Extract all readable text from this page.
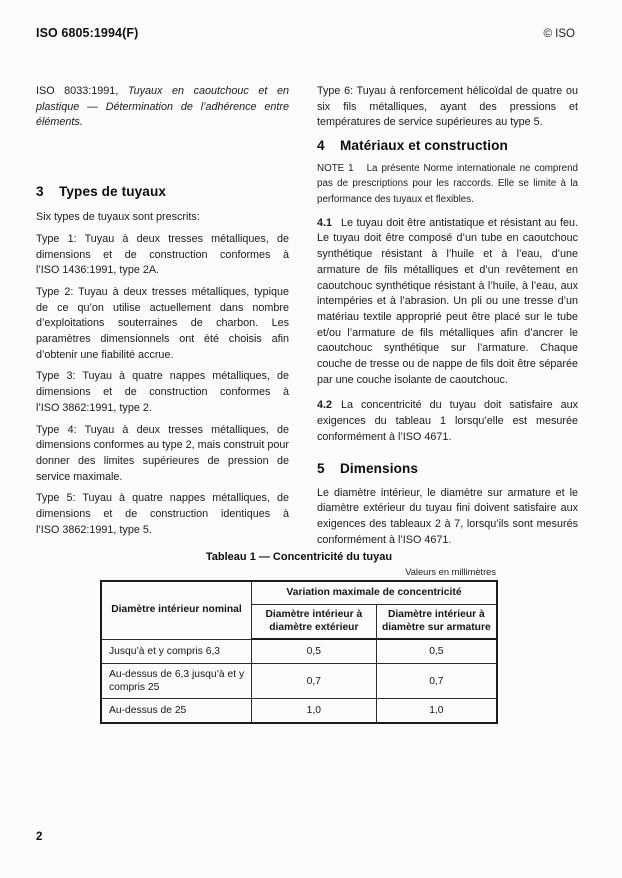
ISO 6805:1994(F)	© ISO

ISO 8033:1991, Tuyaux en caoutchouc et en plastique — Détermination de l’adhérence entre éléments.

3 Types de tuyaux

Six types de tuyaux sont prescrits:

Type 1: Tuyau à deux tresses métalliques, de dimensions et de construction conformes à l’ISO 1436:1991, type 2A.

Type 2: Tuyau à deux tresses métalliques, typique de ce qu’on utilise actuellement dans nombre d’exploitations souterraines de charbon. Les paramètres dimensionnels ont été choisis afin d’obtenir une fiabilité accrue.

Type 3: Tuyau à quatre nappes métalliques, de dimensions et de construction conformes à l’ISO 3862:1991, type 2.

Type 4: Tuyau à deux tresses métalliques, de dimensions conformes au type 2, mais construit pour donner des limites supérieures de pression de service maximale.

Type 5: Tuyau à quatre nappes métalliques, de dimensions et de construction identiques à l’ISO 3862:1991, type 5.

Type 6: Tuyau à renforcement hélicoïdal de quatre ou six fils métalliques, ayant des pressions et températures de service supérieures au type 5.

4 Matériaux et construction

NOTE 1 La présente Norme internationale ne comprend pas de prescriptions pour les raccords. Elle se limite à la performance des tuyaux et flexibles.

4.1 Le tuyau doit être antistatique et résistant au feu. Le tuyau doit être composé d’un tube en caoutchouc synthétique résistant à l’huile et à l’eau, d’une armature de fils métalliques et d’un revêtement en caoutchouc synthétique résistant à l’huile, à l’eau, aux intempéries et à l’abrasion. Un pli ou une tresse d’un matériau textile approprié peut être placé sur le tube et/ou l’armature de fils métalliques afin d’ancrer le caoutchouc synthétique sur l’armature. Chaque couche de tresse ou de nappe de fils doit être séparée par une couche isolante de caoutchouc.

4.2 La concentricité du tuyau doit satisfaire aux exigences du tableau 1 lorsqu’elle est mesurée conformément à l’ISO 4671.

5 Dimensions

Le diamètre intérieur, le diamètre sur armature et le diamètre extérieur du tuyau fini doivent satisfaire aux exigences des tableaux 2 à 7, lorsqu’ils sont mesurés conformément à l’ISO 4671.

Tableau 1 — Concentricité du tuyau
Valeurs en millimètres
Diamètre intérieur nominal	Variation maximale de concentricité	
	Diamètre intérieur à diamètre extérieur	Diamètre intérieur à diamètre sur armature
Jusqu’à et y compris 6,3	0,5	0,5
Au-dessus de 6,3 jusqu’à et y compris 25	0,7	0,7
Au-dessus de 25	1,0	1,0
2
